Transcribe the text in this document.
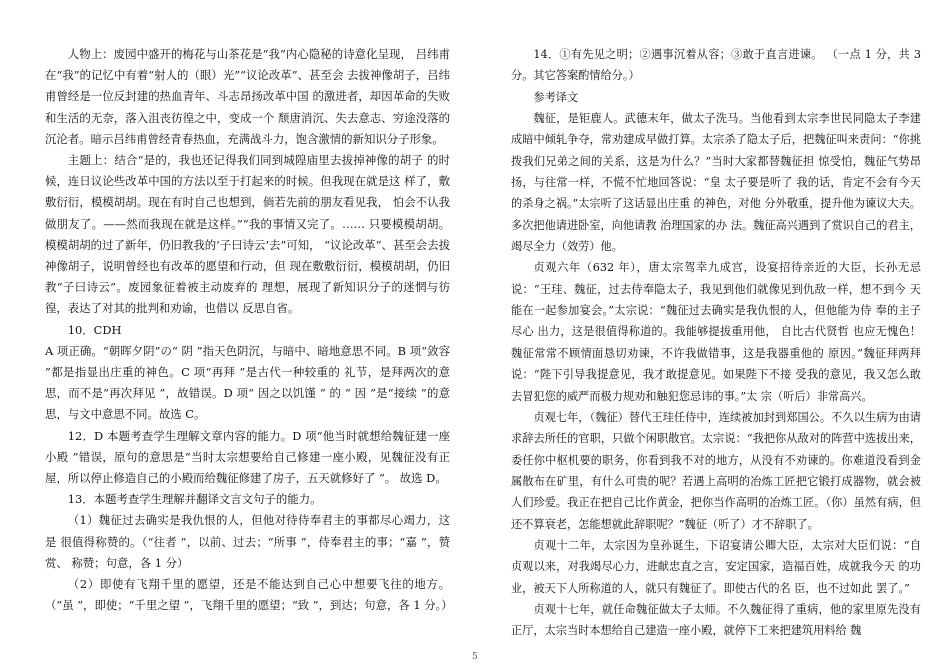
人物上：废园中盛开的梅花与山茶花是“我”内心隐秘的诗意化呈现， 吕纬甫在“我”的记忆中有着“射人的（眼）光”“议论改革”、甚至会 去拔神像胡子，吕纬甫曾经是一位反封建的热血青年、斗志昂扬改革中国 的激进者，却因革命的失败和生活的无奈，落入沮丧彷徨之中，变成一个 颓唐消沉、失去意志、穷途没落的沉沦者。暗示吕纬甫曾经青春热血，充满战斗力，饱含激情的新知识分子形象。

主题上：结合“是的，我也还记得我们同到城隍庙里去拔掉神像的胡子 的时候，连日议论些改革中国的方法以至于打起来的时候。但我现在就是这 样了，敷敷衍衍，模模胡胡。现在有时自己也想到，倘若先前的朋友看见我， 怕会不认我做朋友了。——然而我现在就是这样。”“我的事情又完了。…… 只要模模胡胡。模模胡胡的过了新年，仍旧教我的‘子曰诗云’去”可知， “议论改革”、甚至会去拔神像胡子，说明曾经也有改革的愿望和行动，但 现在敷敷衍衍，模模胡胡，仍旧教“子曰诗云”。废园象征着被主动废弃的 理想，展现了新知识分子的迷惘与彷徨，表达了对其的批判和劝谕，也借以 反思自省。

10．CDH

A 项正确。“朝晖夕阴”の“ 阴 ”指天色阴沉，与暗中、暗地意思不同。B 项“敛容 ”都是指显出庄重的神色。C 项“再拜 ”是古代一种较重的 礼节，是拜两次的意思，而不是“再次拜见 ”，故错误。D 项“ 因之以饥馑 ” 的 “ 因 ”是“接续 ”的意思，与文中意思不同。故选 C。

12．D 本题考查学生理解文章内容的能力。D 项“他当时就想给魏征建一座小殿 ”错误，原句的意思是“当时太宗想要给自己修建一座小殿，见魏征没有正屋，所以停止修造自己的小殿而给魏征修建了房子，五天就修好了 ”。 故选 D。

13．本题考查学生理解并翻译文言文句子的能力。

（1）魏征过去确实是我仇恨的人，但他对待侍奉君主的事都尽心竭力，这是 很值得称赞的。（“往者 ”，以前、过去；“所事 ”，侍奉君主的事；“嘉 ”，赞赏、 称赞；句意，各 1 分）

（2）即使有飞翔千里的愿望，还是不能达到自己心中想要飞往的地方。（“虽 ”，即使；“千里之望 ”，飞翔千里的愿望；“致 ”，到达；句意，各 1 分。）

14．①有先见之明；②遇事沉着从容；③敢于直言进谏。 （一点 1 分，共 3 分。其它答案酌情给分。）

参考译文

魏征，是钜鹿人。武德末年，做太子洗马。当他看到太宗李世民同隐太子李建成暗中倾轧争夺，常劝建成早做打算。太宗杀了隐太子后，把魏征叫来责问：“你挑拨我们兄弟之间的关系，这是为什么？”当时大家都替魏征担 惊受怕，魏征气势昂扬，与往常一样，不慌不忙地回答说：“皇 太子要是听了 我的话，肯定不会有今天的杀身之祸。”太宗听了这话显出庄重 的神色，对他 分外敬重，提升他为谏议大夫。多次把他请进卧室，向他请教 治理国家的办 法。魏征高兴遇到了赏识自己的君主，竭尽全力（效劳）他。

贞观六年（632 年），唐太宗驾幸九成宫，设宴招待亲近的大臣，长孙无忌说：“王珪、魏征，过去侍奉隐太子，我见到他们就像见到仇敌一样，想不到今 天能在一起参加宴会。”太宗说：“魏征过去确实是我仇恨的人，但他能为侍 奉的主子尽心 出力，这是很值得称道的。我能够提拔重用他， 自比古代贤哲 也应无愧色！魏征常常不顾情面恳切劝谏，不许我做错事，这是我器重他的 原因。”魏征拜两拜说：“陛下引导我提意见，我才敢提意见。如果陛下不接 受我的意见，我又怎么敢去冒犯您的威严而极力规劝和触犯您忌讳的事。”太 宗（听后）非常高兴。

贞观七年，（魏征）替代王珪任侍中，连续被加封到郑国公。不久以生病为由请求辞去所任的官职，只做个闲职散官。太宗说：“我把你从敌对的阵营中选拔出来，委任你中枢机要的职务，你看到我不对的地方，从没有不劝谏的。你难道没看到金属散布在矿里，有什么可贵的呢？若遇上高明的冶炼工匠把它锻打成器物，就会被人们珍爱。我正在把自己比作黄金，把你当作高明的冶炼工匠。（你）虽然有病，但还不算衰老，怎能想就此辞职呢？”魏征（听了）才不辞职了。

贞观十二年，太宗因为皇孙诞生，下诏宴请公卿大臣，太宗对大臣们说：“自 贞观以来，对我竭尽心力，进献忠直之言，安定国家，造福百姓，成就我今天 的功业，被天下人所称道的人，就只有魏征了。即使古代的名 臣，也不过如此 罢了。”

贞观十七年，就任命魏征做太子太师。不久魏征得了重病，他的家里原先没有正厅，太宗当时本想给自己建造一座小殿，就停下工来把建筑用料给 魏

5
